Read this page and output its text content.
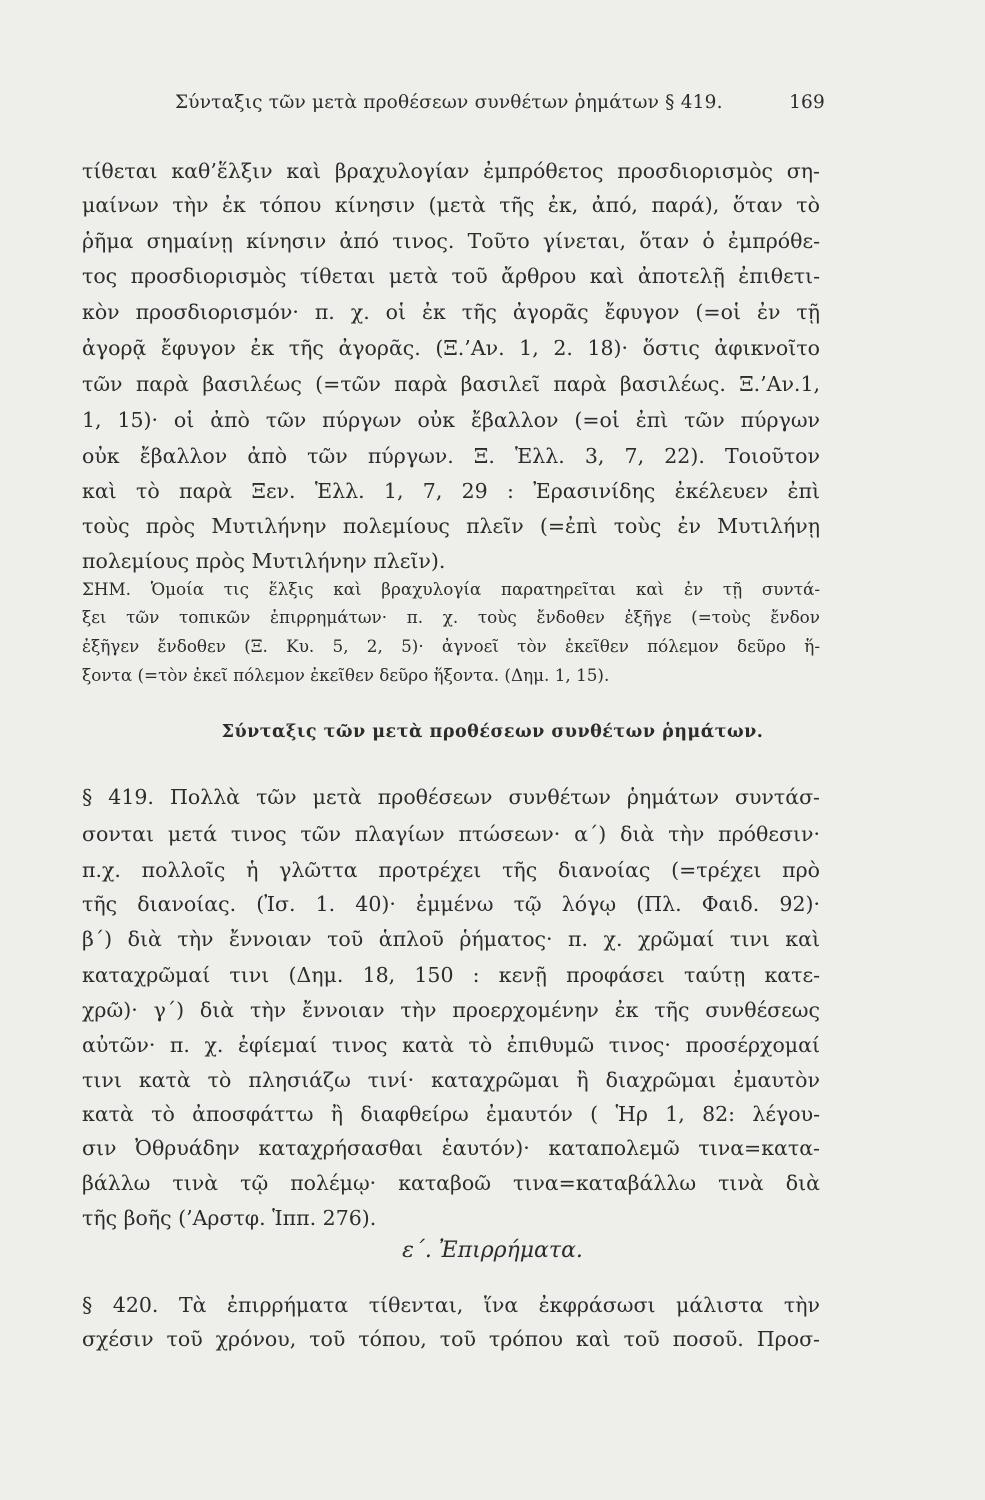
Σύνταξις τῶν μετὰ προθέσεων συνθέτων ῥημάτων § 419.	169
τίθεται καθ’ἕλξιν καὶ βραχυλογίαν ἐμπρόθετος προσδιορισμὸς ση-
μαίνων τὴν ἐκ τόπου κίνησιν (μετὰ τῆς ἐκ, ἀπό, παρά), ὅταν τὸ
ῥῆμα σημαίνῃ κίνησιν ἀπό τινος. Τοῦτο γίνεται, ὅταν ὁ ἐμπρόθε-
τος προσδιορισμὸς τίθεται μετὰ τοῦ ἄρθρου καὶ ἀποτελῇ ἐπιθετι-
κὸν προσδιορισμόν· π. χ. οἱ ἐκ τῆς ἀγορᾶς ἔφυγον (=οἱ ἐν τῇ
ἀγορᾷ ἔφυγον ἐκ τῆς ἀγορᾶς. (Ξ.’Αν. 1, 2. 18)· ὅστις ἀφικνοῖτο
τῶν παρὰ βασιλέως (=τῶν παρὰ βασιλεῖ παρὰ βασιλέως. Ξ.’Αν.1,
1, 15)· οἱ ἀπὸ τῶν πύργων οὐκ ἔβαλλον (=οἱ ἐπὶ τῶν πύργων
οὐκ ἔβαλλον ἀπὸ τῶν πύργων. Ξ. Ἑλλ. 3, 7, 22). Τοιοῦτον
καὶ τὸ παρὰ Ξεν. Ἑλλ. 1, 7, 29 : Ἐρασινίδης ἐκέλευεν ἐπὶ
τοὺς πρὸς Μυτιλήνην πολεμίους πλεῖν (=ἐπὶ τοὺς ἐν Μυτιλήνῃ
πολεμίους πρὸς Μυτιλήνην πλεῖν).
ΣΗΜ. Ὁμοία τις ἕλξις καὶ βραχυλογία παρατηρεῖται καὶ ἐν τῇ συντά-
ξει τῶν τοπικῶν ἐπιρρημάτων· π. χ. τοὺς ἔνδοθεν ἐξῆγε (=τοὺς ἔνδον
ἐξῆγεν ἔνδοθεν (Ξ. Κυ. 5, 2, 5)· ἀγνοεῖ τὸν ἐκεῖθεν πόλεμον δεῦρο ἥ-
ξοντα (=τὸν ἐκεῖ πόλεμον ἐκεῖθεν δεῦρο ἥξοντα. (Δημ. 1, 15).
Σύνταξις τῶν μετὰ προθέσεων συνθέτων ῥημάτων.
§ 419. Πολλὰ τῶν μετὰ προθέσεων συνθέτων ῥημάτων συντάσ-
σονται μετά τινος τῶν πλαγίων πτώσεων· α΄) διὰ τὴν πρόθεσιν·
π.χ. πολλοῖς ἡ γλῶττα προτρέχει τῆς διανοίας (=τρέχει πρὸ
τῆς διανοίας. (Ἰσ. 1. 40)· ἐμμένω τῷ λόγῳ (Πλ. Φαιδ. 92)·
β΄) διὰ τὴν ἔννοιαν τοῦ ἁπλοῦ ῥήματος· π. χ. χρῶμαί τινι καὶ
καταχρῶμαί τινι (Δημ. 18, 150 : κενῇ προφάσει ταύτῃ κατε-
χρῶ)· γ΄) διὰ τὴν ἔννοιαν τὴν προερχομένην ἐκ τῆς συνθέσεως
αὐτῶν· π. χ. ἐφίεμαί τινος κατὰ τὸ ἐπιθυμῶ τινος· προσέρχομαί
τινι κατὰ τὸ πλησιάζω τινί· καταχρῶμαι ἢ διαχρῶμαι ἐμαυτὸν
κατὰ τὸ ἀποσφάττω ἢ διαφθείρω ἐμαυτόν ( Ἡρ 1, 82: λέγου-
σιν Ὀθρυάδην καταχρήσασθαι ἑαυτόν)· καταπολεμῶ τινα=κατα-
βάλλω τινὰ τῷ πολέμῳ· καταβοῶ τινα=καταβάλλω τινὰ διὰ
τῆς βοῆς (’Αρστφ. Ἱππ. 276).
ε΄. Ἐπιρρήματα.
§ 420. Τὰ ἐπιρρήματα τίθενται, ἵνα ἐκφράσωσι μάλιστα τὴν
σχέσιν τοῦ χρόνου, τοῦ τόπου, τοῦ τρόπου καὶ τοῦ ποσοῦ. Προσ-
